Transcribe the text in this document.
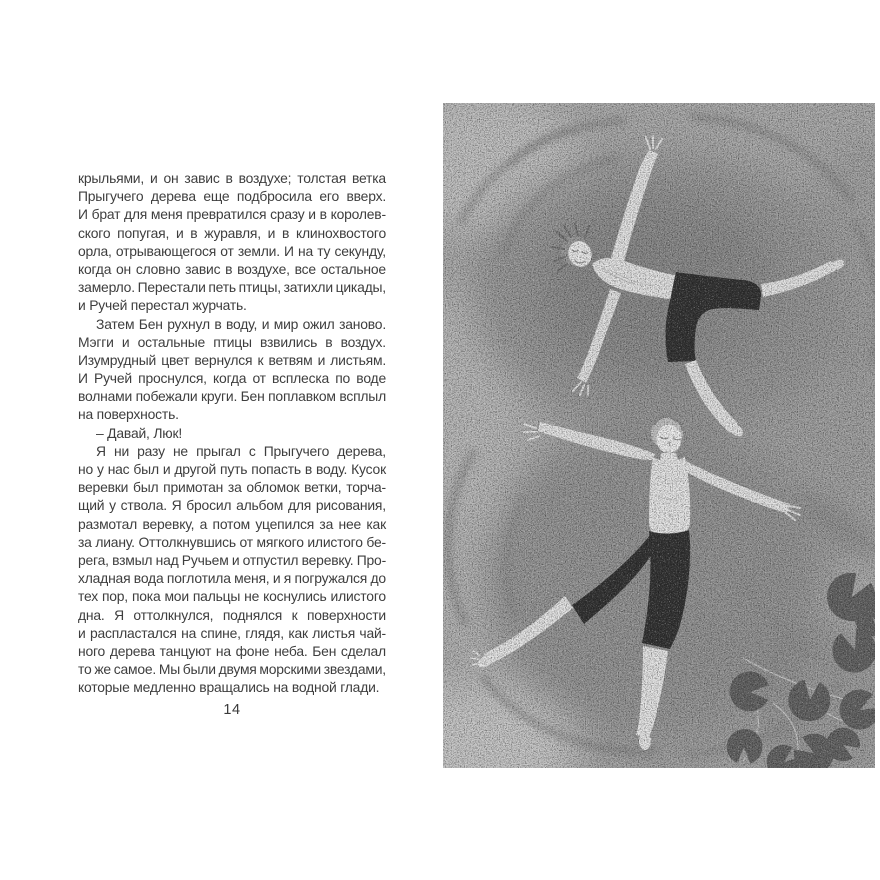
крыльями, и он завис в воздухе; толстая ветка
Прыгучего дерева еще подбросила его вверх.
И брат для меня превратился сразу и в королев-
ского попугая, и в журавля, и в клинохвостого
орла, отрывающегося от земли. И на ту секунду,
когда он словно завис в воздухе, все остальное
замерло. Перестали петь птицы, затихли цикады,
и Ручей перестал журчать.
Затем Бен рухнул в воду, и мир ожил заново.
Мэгги и остальные птицы взвились в воздух.
Изумрудный цвет вернулся к ветвям и листьям.
И Ручей проснулся, когда от всплеска по воде
волнами побежали круги. Бен поплавком всплыл
на поверхность.
– Давай, Люк!
Я ни разу не прыгал с Прыгучего дерева,
но у нас был и другой путь попасть в воду. Кусок
веревки был примотан за обломок ветки, торча-
щий у ствола. Я бросил альбом для рисования,
размотал веревку, а потом уцепился за нее как
за лиану. Оттолкнувшись от мягкого илистого бе-
рега, взмыл над Ручьем и отпустил веревку. Про-
хладная вода поглотила меня, и я погружался до
тех пор, пока мои пальцы не коснулись илистого
дна. Я оттолкнулся, поднялся к поверхности
и распластался на спине, глядя, как листья чай-
ного дерева танцуют на фоне неба. Бен сделал
то же самое. Мы были двумя морскими звездами,
которые медленно вращались на водной глади.
14
